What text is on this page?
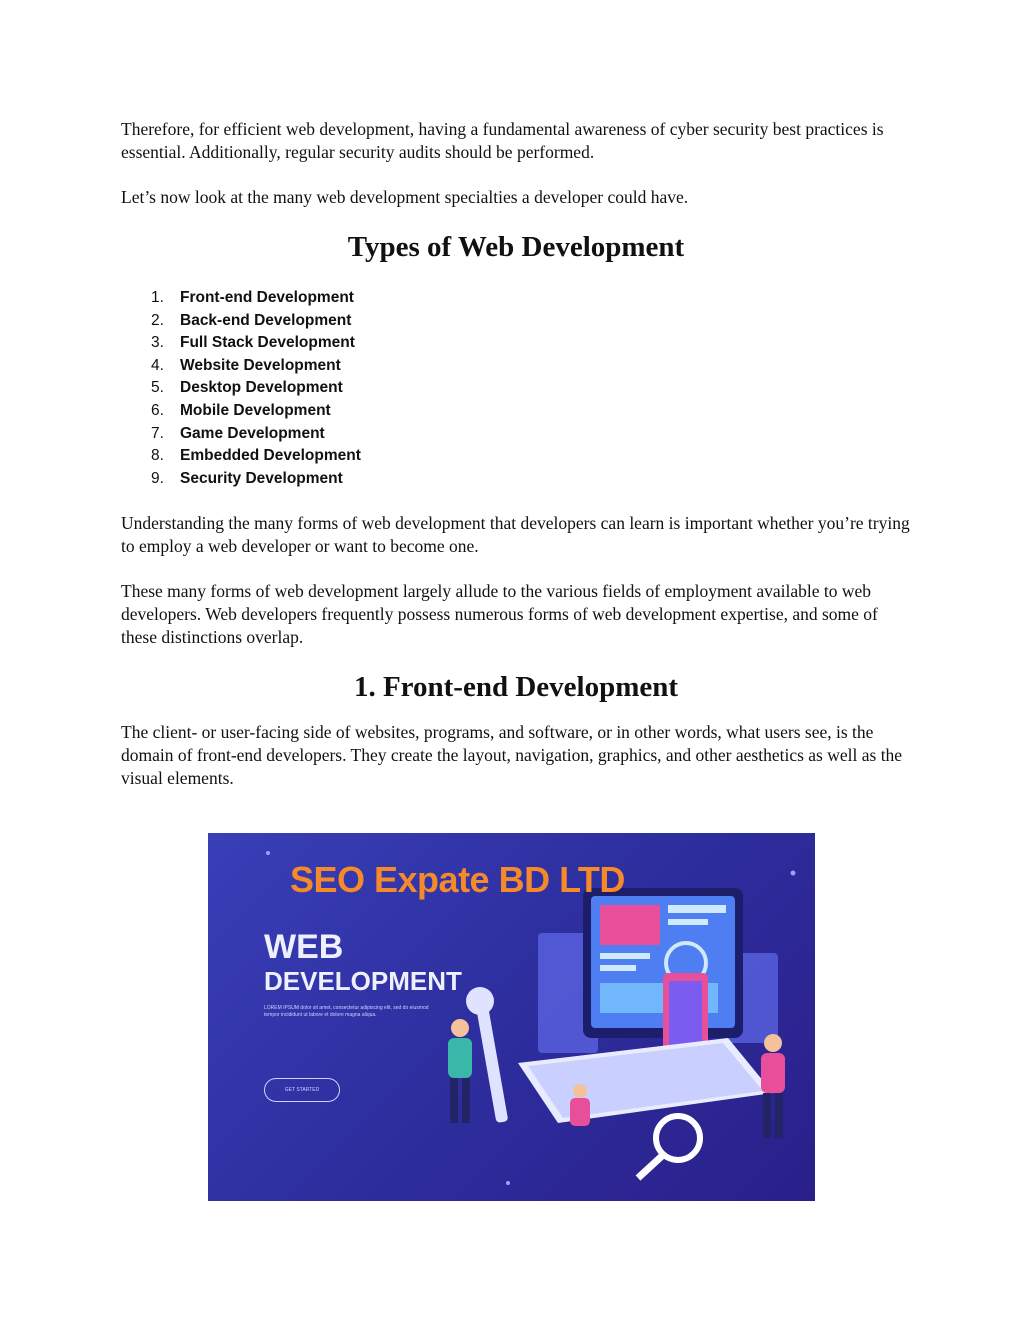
Therefore, for efficient web development, having a fundamental awareness of cyber security best practices is essential. Additionally, regular security audits should be performed.

Let’s now look at the many web development specialties a developer could have.

Types of Web Development
1.	Front-end Development
2.	Back-end Development
3.	Full Stack Development
4.	Website Development
5.	Desktop Development
6.	Mobile Development
7.	Game Development
8.	Embedded Development
9.	Security Development

Understanding the many forms of web development that developers can learn is important whether you’re trying to employ a web developer or want to become one.

These many forms of web development largely allude to the various fields of employment available to web developers. Web developers frequently possess numerous forms of web development expertise, and some of these distinctions overlap.

1. Front-end Development

The client- or user-facing side of websites, programs, and software, or in other words, what users see, is the domain of front-end developers. They create the layout, navigation, graphics, and other aesthetics as well as the visual elements.

SEO Expate BD LTD
WEB
DEVELOPMENT
LOREM IPSUM dolor sit amet, consectetur adipiscing elit, sed do eiusmod tempor incididunt ut labore et dolore magna aliqua.
GET STARTED
